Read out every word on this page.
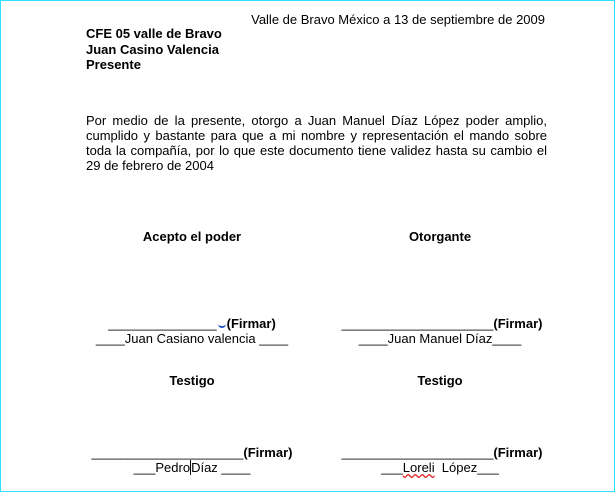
Valle de Bravo México a 13 de septiembre de 2009
CFE 05 valle de Bravo
Juan Casino Valencia
Presente
Por medio de la presente, otorgo a Juan Manuel Díaz López poder amplio, cumplido y bastante para que a mi nombre y representación el mando sobre toda la compañía, por lo que este documento tiene validez hasta su cambio el 29 de febrero de 2004
Acepto el poder
_______________ (Firmar)
____Juan Casiano valencia ____
Otorgante
_____________________(Firmar)
____Juan Manuel Díaz____
Testigo
_____________________(Firmar)
___PedroDíaz ____
Testigo
_____________________(Firmar)
___Loreli  López___
